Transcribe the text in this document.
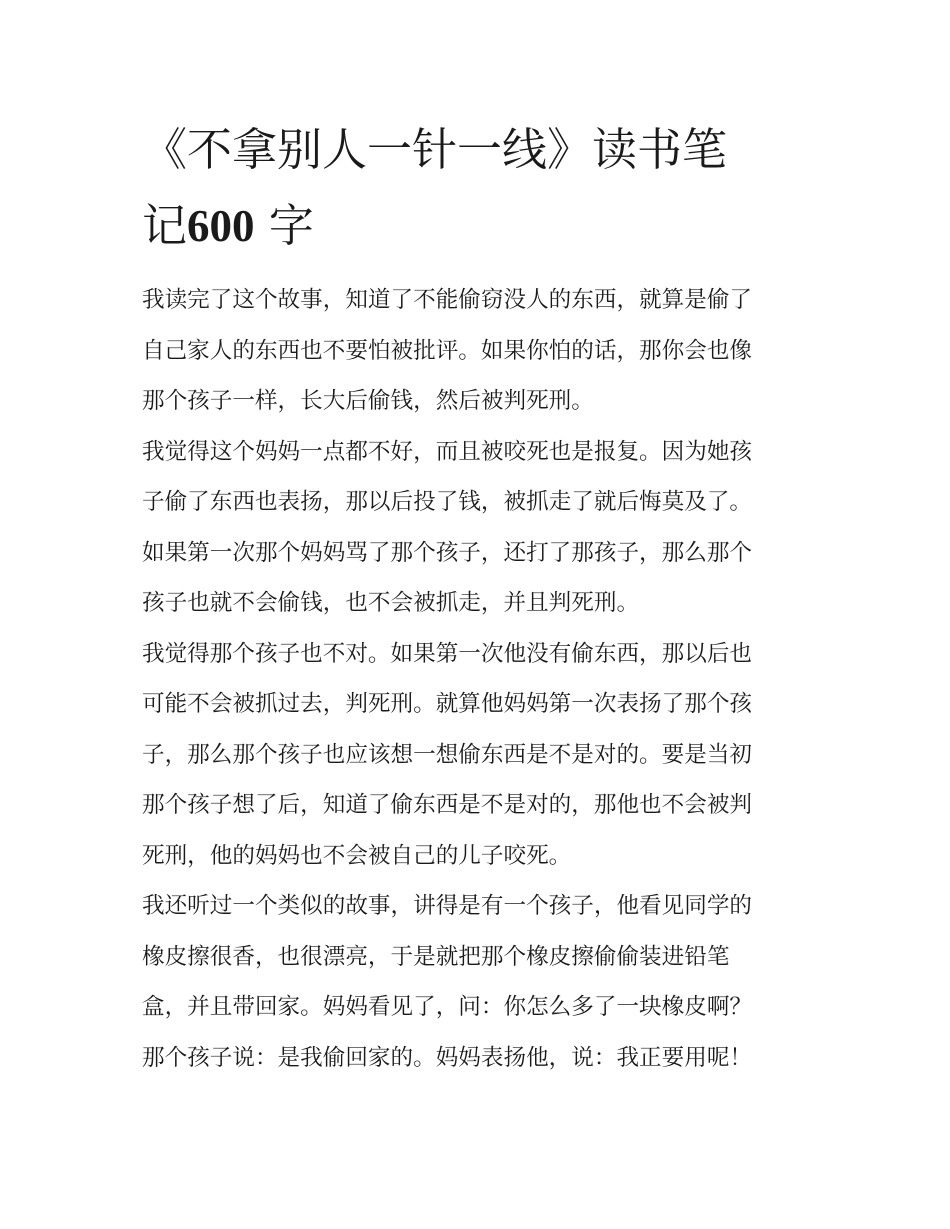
《不拿别人一针一线》读书笔
记600 字

我读完了这个故事，知道了不能偷窃没人的东西，就算是偷了
自己家人的东西也不要怕被批评。如果你怕的话，那你会也像
那个孩子一样，长大后偷钱，然后被判死刑。

我觉得这个妈妈一点都不好，而且被咬死也是报复。因为她孩
子偷了东西也表扬，那以后投了钱，被抓走了就后悔莫及了。
如果第一次那个妈妈骂了那个孩子，还打了那孩子，那么那个
孩子也就不会偷钱，也不会被抓走，并且判死刑。

我觉得那个孩子也不对。如果第一次他没有偷东西，那以后也
可能不会被抓过去，判死刑。就算他妈妈第一次表扬了那个孩
子，那么那个孩子也应该想一想偷东西是不是对的。要是当初
那个孩子想了后，知道了偷东西是不是对的，那他也不会被判
死刑，他的妈妈也不会被自己的儿子咬死。

我还听过一个类似的故事，讲得是有一个孩子，他看见同学的
橡皮擦很香，也很漂亮，于是就把那个橡皮擦偷偷装进铅笔
盒，并且带回家。妈妈看见了，问：你怎么多了一块橡皮啊？
那个孩子说：是我偷回家的。妈妈表扬他，说：我正要用呢！
